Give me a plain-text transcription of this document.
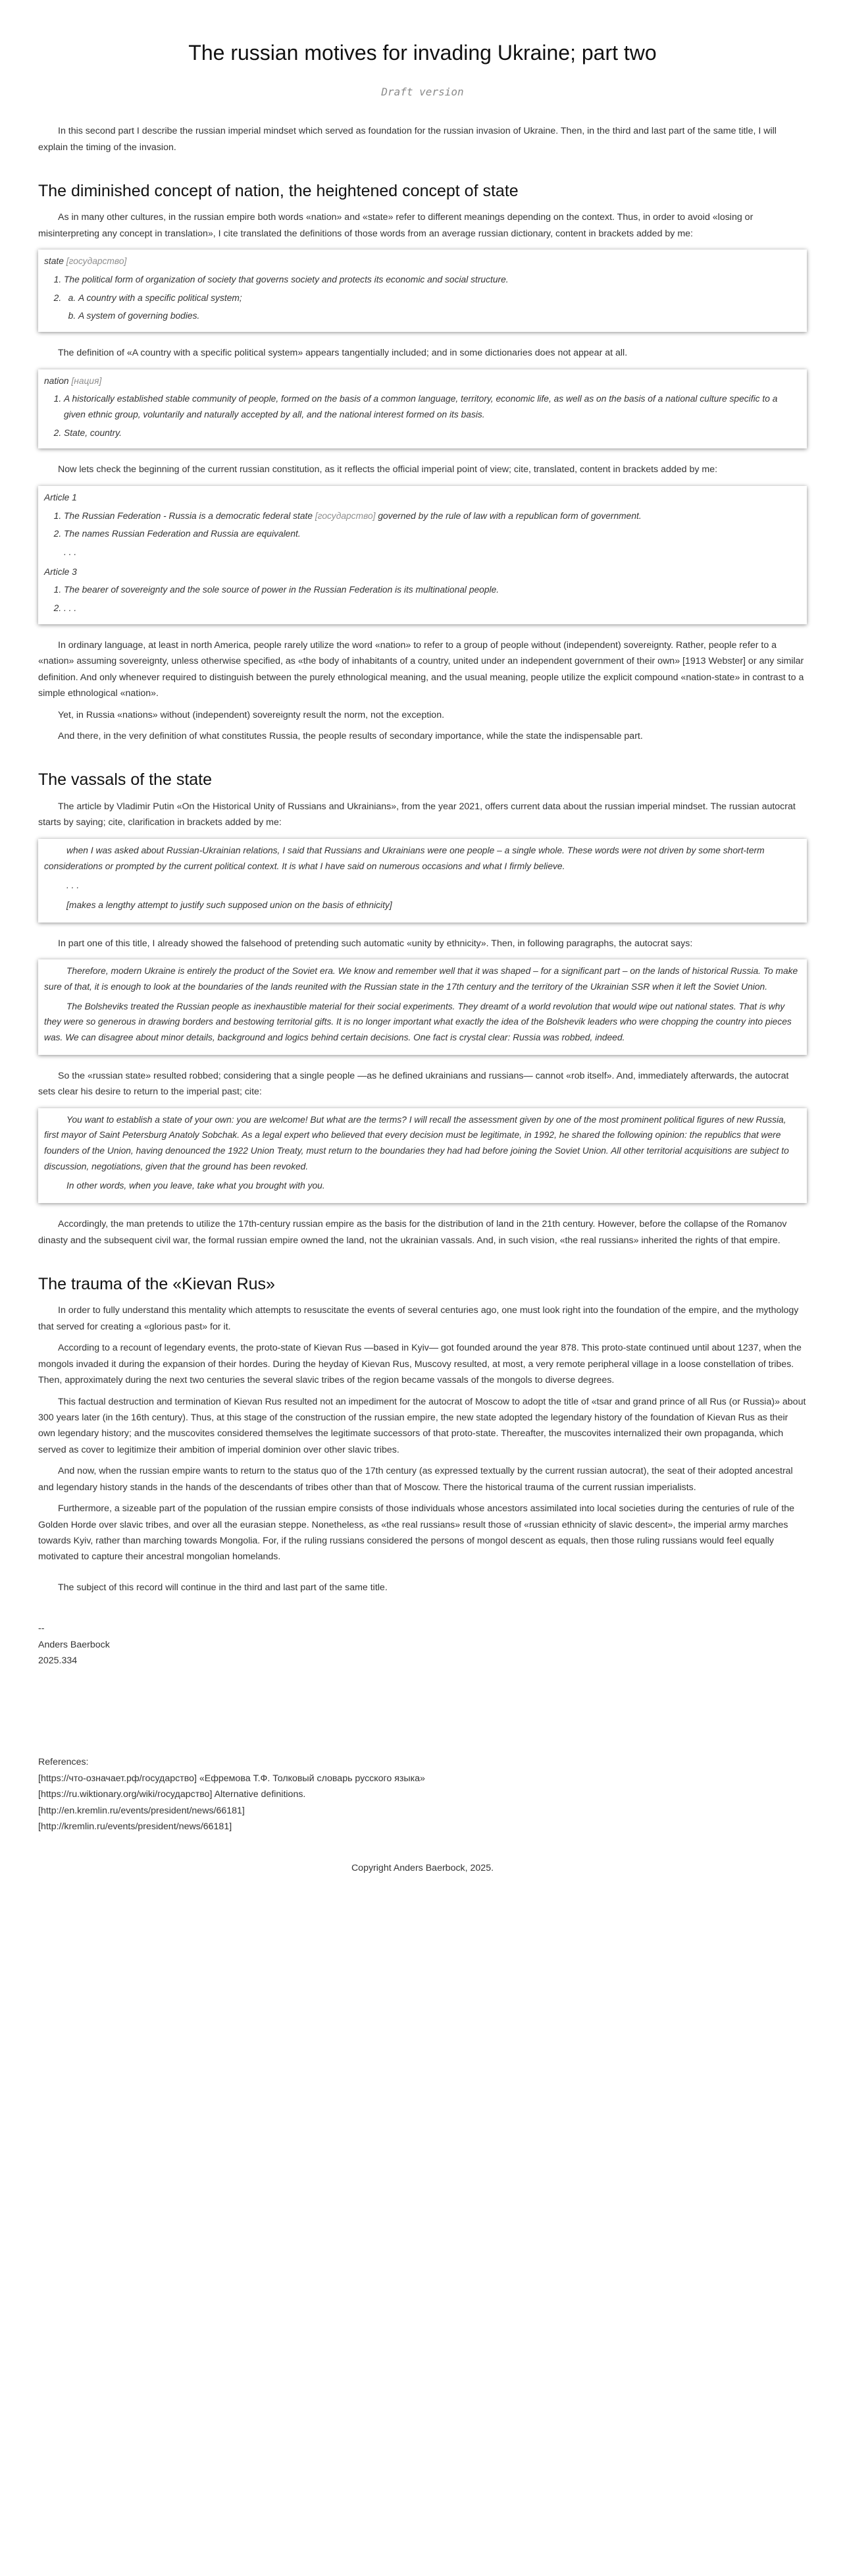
The russian motives for invading Ukraine; part two
Draft version

In this second part I describe the russian imperial mindset which served as foundation for the russian invasion of Ukraine. Then, in the third and last part of the same title, I will explain the timing of the invasion.

The diminished concept of nation, the heightened concept of state

As in many other cultures, in the russian empire both words «nation» and «state» refer to different meanings depending on the context. Thus, in order to avoid «losing or misinterpreting any concept in translation», I cite translated the definitions of those words from an average russian dictionary, content in brackets added by me:

state [государство]

1. The political form of organization of society that governs society and protects its economic and social structure.
a. 2. A country with a specific political system;
b. A system of governing bodies.

The definition of «A country with a specific political system» appears tangentially included; and in some dictionaries does not appear at all.

nation [нация]

1. A historically established stable community of people, formed on the basis of a common language, territory, economic life, as well as on the basis of a national culture specific to a given ethnic group, voluntarily and naturally accepted by all, and the national interest formed on its basis.
2. State, country.

Now lets check the beginning of the current russian constitution, as it reflects the official imperial point of view; cite, translated, content in brackets added by me:

Article 1

1. The Russian Federation - Russia is a democratic federal state [государство] governed by the rule of law with a republican form of government.
2. The names Russian Federation and Russia are equivalent.

. . .

Article 3

1. The bearer of sovereignty and the sole source of power in the Russian Federation is its multinational people.
2. . . .

In ordinary language, at least in north America, people rarely utilize the word «nation» to refer to a group of people without (independent) sovereignty. Rather, people refer to a «nation» assuming sovereignty, unless otherwise specified, as «the body of inhabitants of a country, united under an independent government of their own» [1913 Webster] or any similar definition. And only whenever required to distinguish between the purely ethnological meaning, and the usual meaning, people utilize the explicit compound «nation-state» in contrast to a simple ethnological «nation».

Yet, in Russia «nations» without (independent) sovereignty result the norm, not the exception.

And there, in the very definition of what constitutes Russia, the people results of secondary importance, while the state the indispensable part.

The vassals of the state

The article by Vladimir Putin «On the Historical Unity of Russians and Ukrainians», from the year 2021, offers current data about the russian imperial mindset. The russian autocrat starts by saying; cite, clarification in brackets added by me:

when I was asked about Russian-Ukrainian relations, I said that Russians and Ukrainians were one people – a single whole. These words were not driven by some short-term considerations or prompted by the current political context. It is what I have said on numerous occasions and what I firmly believe.

. . .

[makes a lengthy attempt to justify such supposed union on the basis of ethnicity]

In part one of this title, I already showed the falsehood of pretending such automatic «unity by ethnicity». Then, in following paragraphs, the autocrat says:

Therefore, modern Ukraine is entirely the product of the Soviet era. We know and remember well that it was shaped – for a significant part – on the lands of historical Russia. To make sure of that, it is enough to look at the boundaries of the lands reunited with the Russian state in the 17th century and the territory of the Ukrainian SSR when it left the Soviet Union.

The Bolsheviks treated the Russian people as inexhaustible material for their social experiments. They dreamt of a world revolution that would wipe out national states. That is why they were so generous in drawing borders and bestowing territorial gifts. It is no longer important what exactly the idea of the Bolshevik leaders who were chopping the country into pieces was. We can disagree about minor details, background and logics behind certain decisions. One fact is crystal clear: Russia was robbed, indeed.

So the «russian state» resulted robbed; considering that a single people —as he defined ukrainians and russians— cannot «rob itself». And, immediately afterwards, the autocrat sets clear his desire to return to the imperial past; cite:

You want to establish a state of your own: you are welcome! But what are the terms? I will recall the assessment given by one of the most prominent political figures of new Russia, first mayor of Saint Petersburg Anatoly Sobchak. As a legal expert who believed that every decision must be legitimate, in 1992, he shared the following opinion: the republics that were founders of the Union, having denounced the 1922 Union Treaty, must return to the boundaries they had had before joining the Soviet Union. All other territorial acquisitions are subject to discussion, negotiations, given that the ground has been revoked.

In other words, when you leave, take what you brought with you.

Accordingly, the man pretends to utilize the 17th-century russian empire as the basis for the distribution of land in the 21th century. However, before the collapse of the Romanov dinasty and the subsequent civil war, the formal russian empire owned the land, not the ukrainian vassals. And, in such vision, «the real russians» inherited the rights of that empire.

The trauma of the «Kievan Rus»

In order to fully understand this mentality which attempts to resuscitate the events of several centuries ago, one must look right into the foundation of the empire, and the mythology that served for creating a «glorious past» for it.

According to a recount of legendary events, the proto-state of Kievan Rus —based in Kyiv— got founded around the year 878. This proto-state continued until about 1237, when the mongols invaded it during the expansion of their hordes. During the heyday of Kievan Rus, Muscovy resulted, at most, a very remote peripheral village in a loose constellation of tribes. Then, approximately during the next two centuries the several slavic tribes of the region became vassals of the mongols to diverse degrees.

This factual destruction and termination of Kievan Rus resulted not an impediment for the autocrat of Moscow to adopt the title of «tsar and grand prince of all Rus (or Russia)» about 300 years later (in the 16th century). Thus, at this stage of the construction of the russian empire, the new state adopted the legendary history of the foundation of Kievan Rus as their own legendary history; and the muscovites considered themselves the legitimate successors of that proto-state. Thereafter, the muscovites internalized their own propaganda, which served as cover to legitimize their ambition of imperial dominion over other slavic tribes.

And now, when the russian empire wants to return to the status quo of the 17th century (as expressed textually by the current russian autocrat), the seat of their adopted ancestral and legendary history stands in the hands of the descendants of tribes other than that of Moscow. There the historical trauma of the current russian imperialists.

Furthermore, a sizeable part of the population of the russian empire consists of those individuals whose ancestors assimilated into local societies during the centuries of rule of the Golden Horde over slavic tribes, and over all the eurasian steppe. Nonetheless, as «the real russians» result those of «russian ethnicity of slavic descent», the imperial army marches towards Kyiv, rather than marching towards Mongolia. For, if the ruling russians considered the persons of mongol descent as equals, then those ruling russians would feel equally motivated to capture their ancestral mongolian homelands.

The subject of this record will continue in the third and last part of the same title.

--

Anders Baerbock

2025.334

References:

[https://что-означает.рф/государство] «Ефремова Т.Ф. Толковый словарь русского языка»

[https://ru.wiktionary.org/wiki/государство] Alternative definitions.

[http://en.kremlin.ru/events/president/news/66181]

[http://kremlin.ru/events/president/news/66181]

Copyright Anders Baerbock, 2025.
